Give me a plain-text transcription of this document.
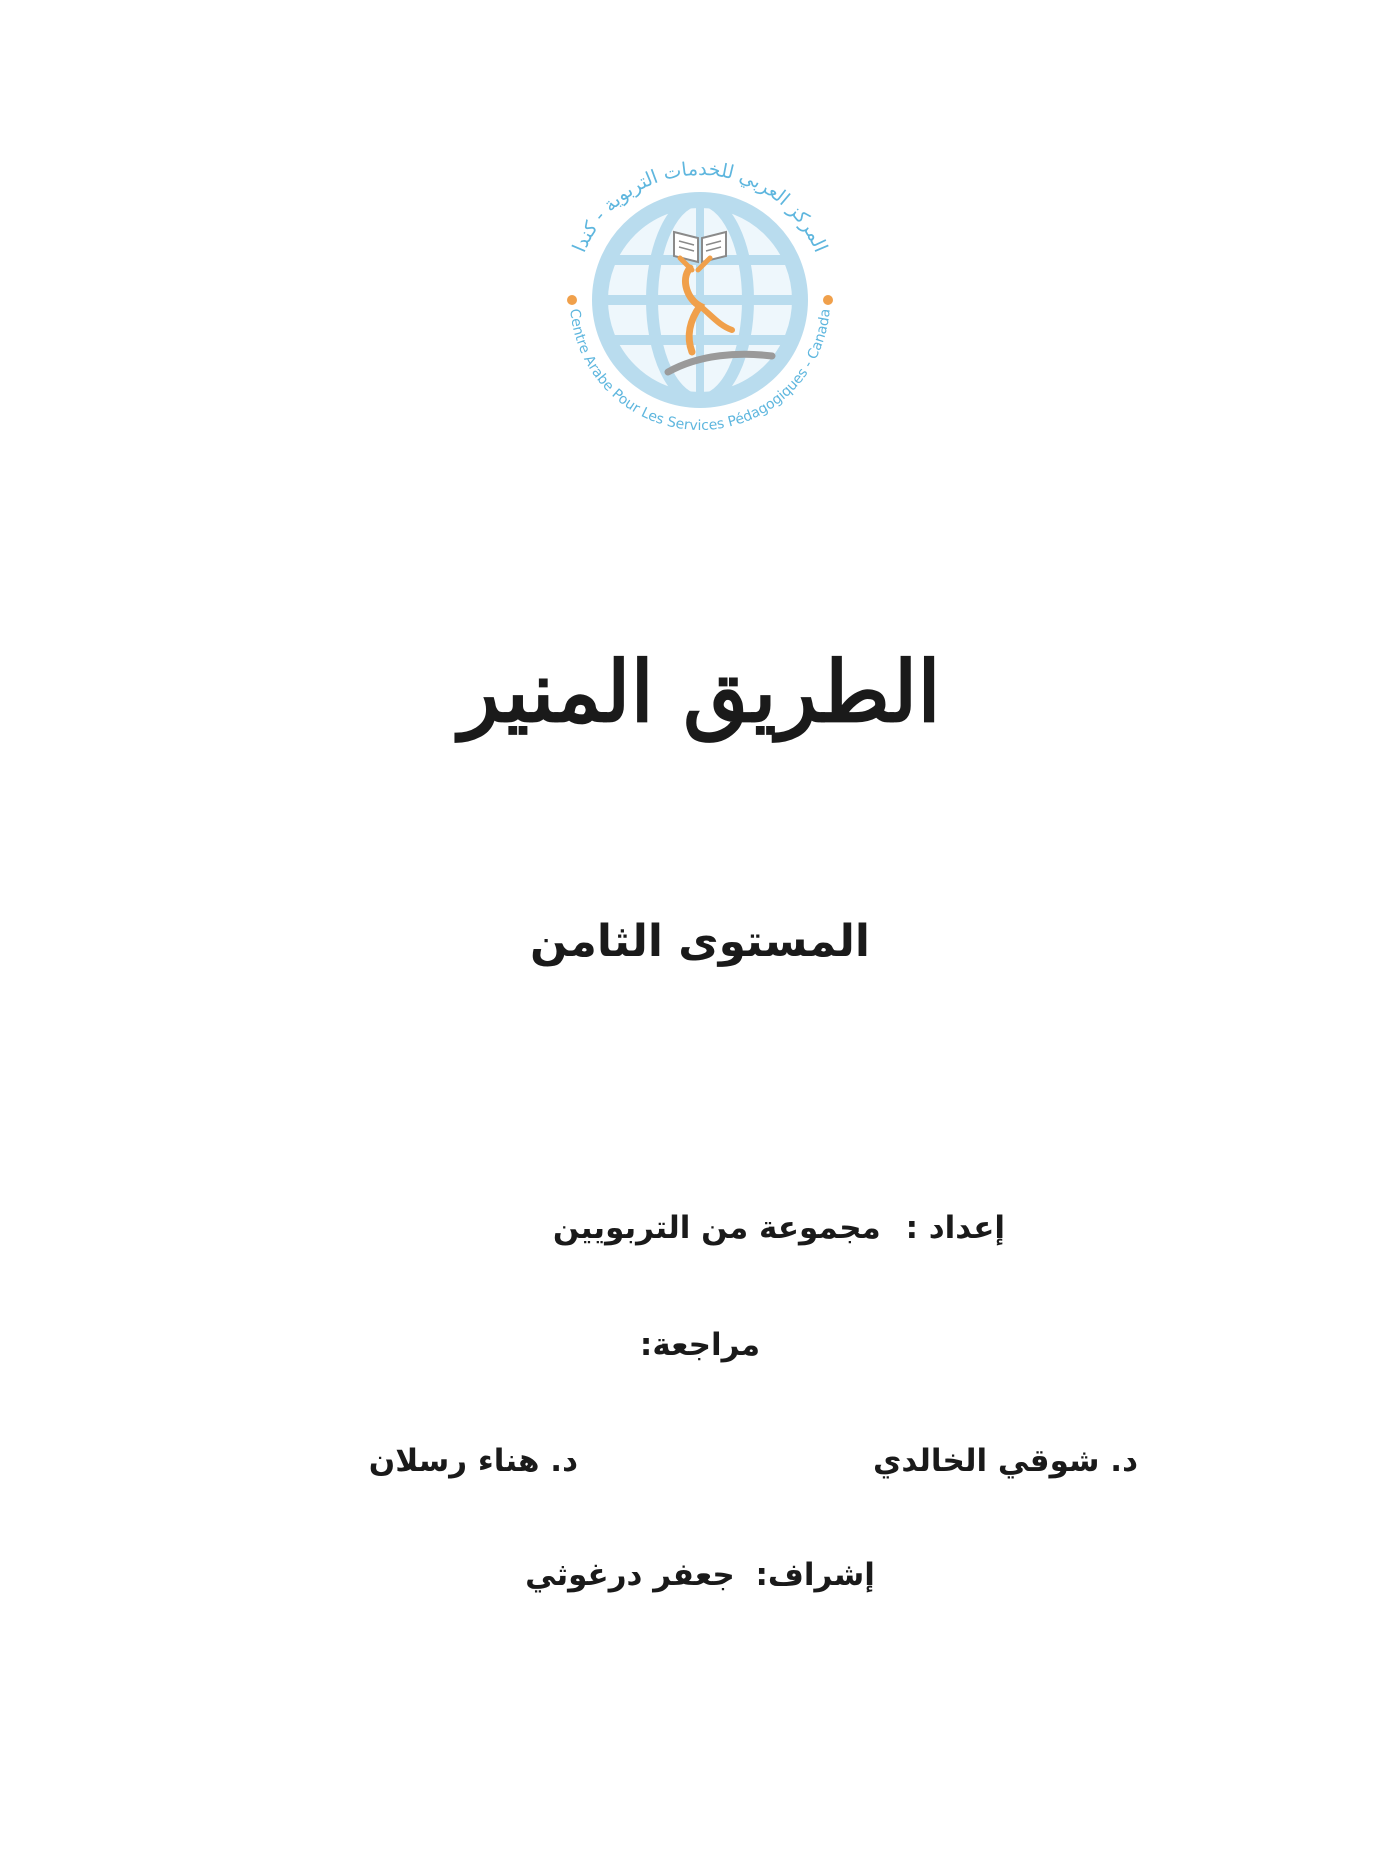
المركز العربي للخدمات التربوية - كندا
Centre Arabe Pour Les Services Pédagogiques - Canada
الطريق المنير
المستوى الثامن
إعداد : مجموعة من التربويين
مراجعة:
د. شوقي الخالدي
د. هناء رسلان
إشراف: جعفر درغوثي
